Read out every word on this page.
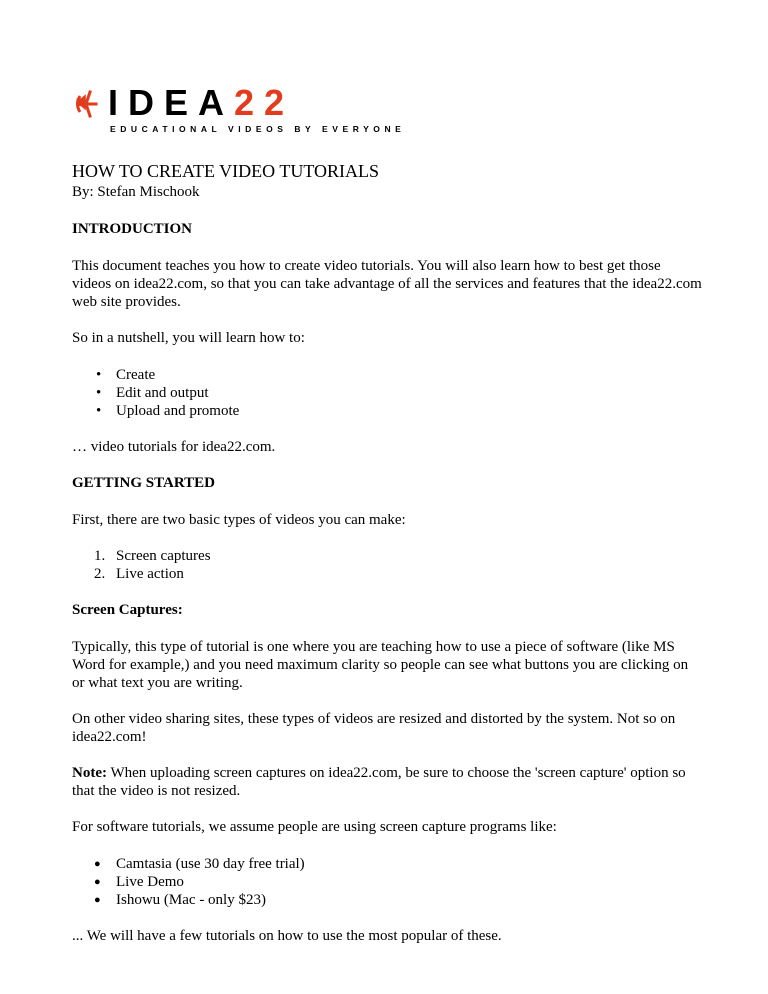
IDEA22
EDUCATIONAL VIDEOS BY EVERYONE
HOW TO CREATE VIDEO TUTORIALS

By: Stefan Mischook

INTRODUCTION

This document teaches you how to create video tutorials. You will also learn how to best get those videos on idea22.com, so that you can take advantage of all the services and features that the idea22.com web site provides.

So in a nutshell, you will learn how to:

• Create
• Edit and output
• Upload and promote

… video tutorials for idea22.com.

GETTING STARTED

First, there are two basic types of videos you can make:

1. Screen captures
2. Live action

Screen Captures:

Typically, this type of tutorial is one where you are teaching how to use a piece of software (like MS Word for example,) and you need maximum clarity so people can see what buttons you are clicking on or what text you are writing.

On other video sharing sites, these types of videos are resized and distorted by the system. Not so on idea22.com!

Note: When uploading screen captures on idea22.com, be sure to choose the 'screen capture' option so that the video is not resized.

For software tutorials, we assume people are using screen capture programs like:

● Camtasia (use 30 day free trial)
● Live Demo
● Ishowu (Mac - only $23)

... We will have a few tutorials on how to use the most popular of these.
